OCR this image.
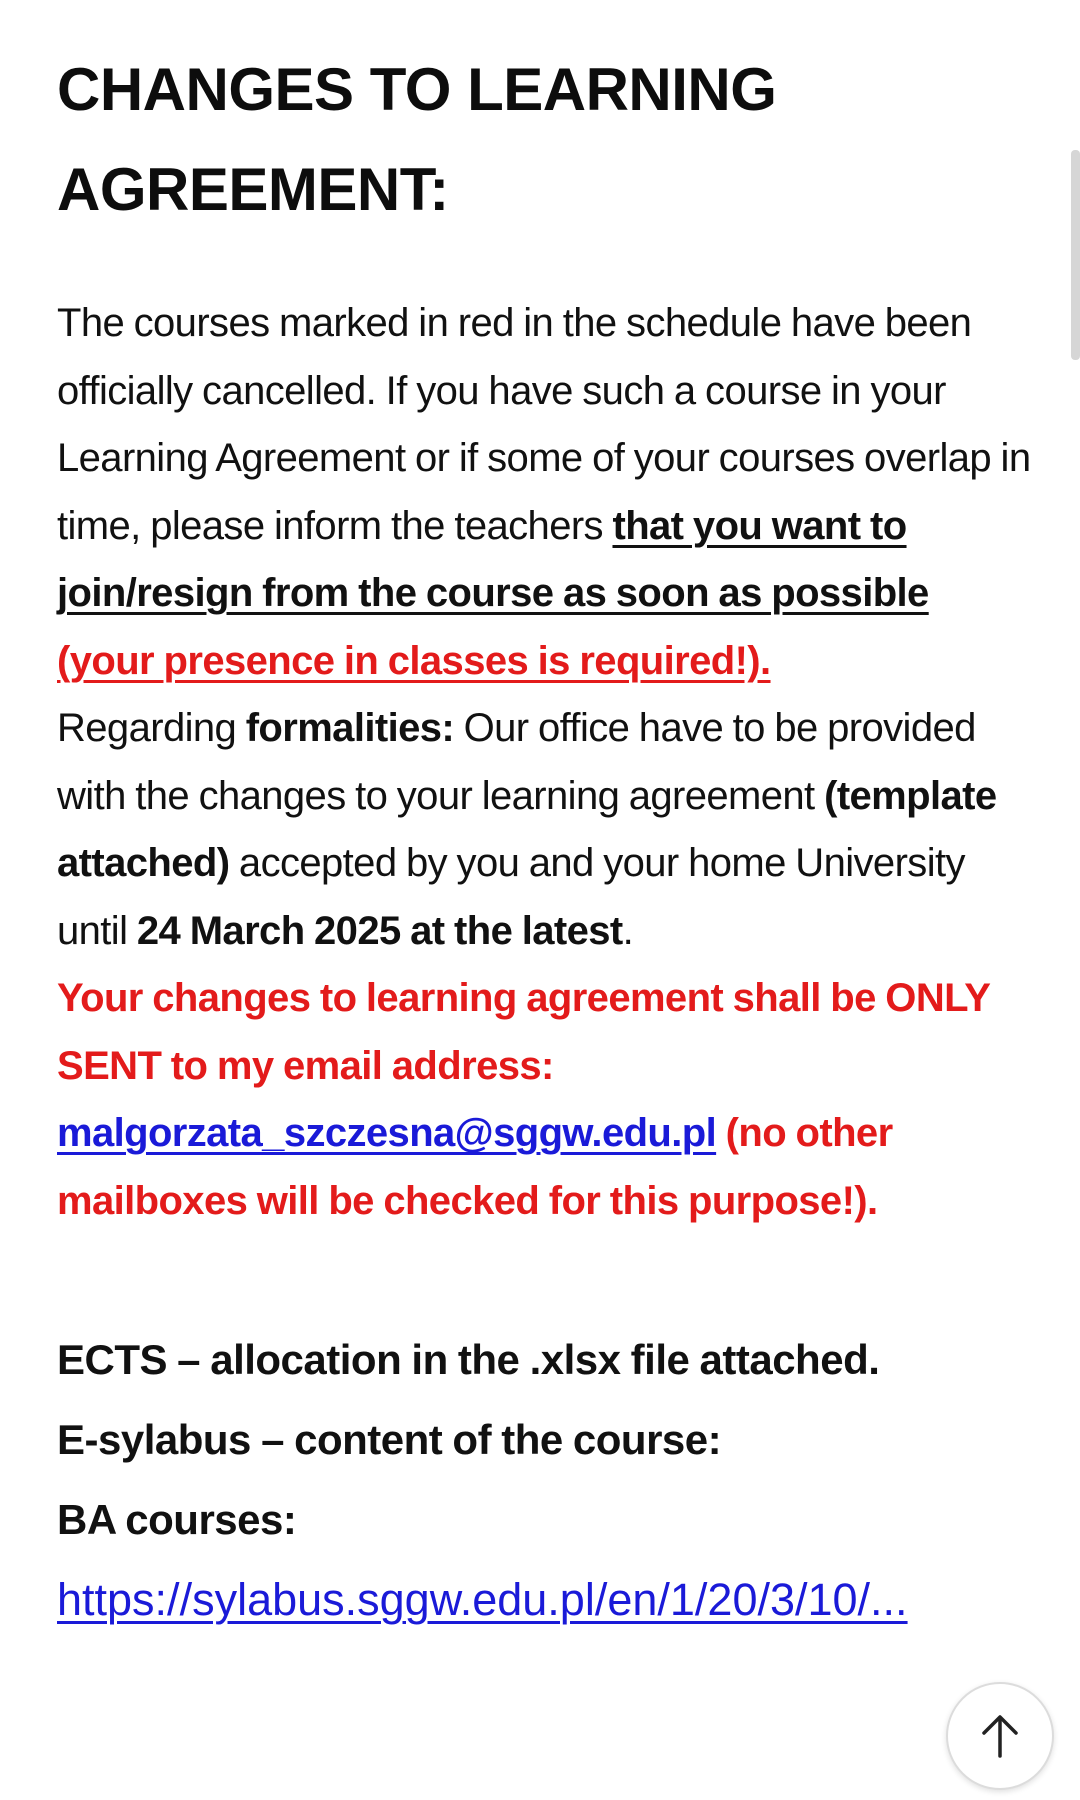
CHANGES TO LEARNING AGREEMENT:

The courses marked in red in the schedule have been officially cancelled. If you have such a course in your Learning Agreement or if some of your courses overlap in time, please inform the teachers that you want to join/resign from the course as soon as possible (your presence in classes is required!).

Regarding formalities: Our office have to be provided with the changes to your learning agreement (template attached) accepted by you and your home University until 24 March 2025 at the latest.

Your changes to learning agreement shall be ONLY SENT to my email address:
malgorzata_szczesna@sggw.edu.pl (no other mailboxes will be checked for this purpose!).

ECTS – allocation in the .xlsx file attached.

E-sylabus – content of the course:

BA courses:

https://sylabus.sggw.edu.pl/en/1/20/3/10/...
